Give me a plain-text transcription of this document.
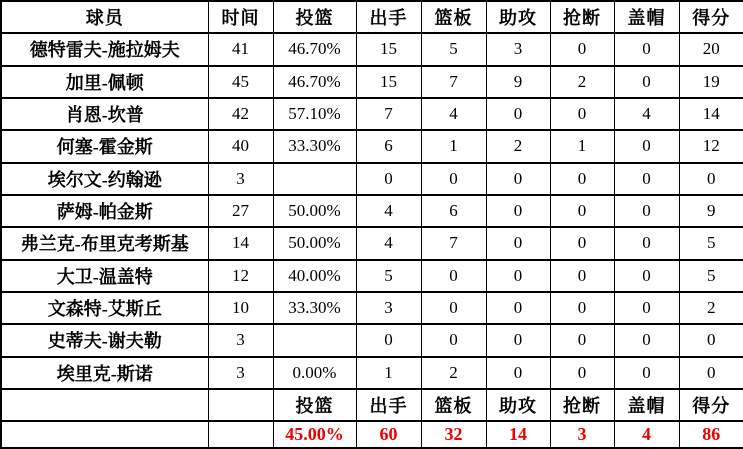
球员	时间	投篮	出手	篮板	助攻	抢断	盖帽	得分
德特雷夫-施拉姆夫	41	46.70%	15	5	3	0	0	20
加里-佩顿	45	46.70%	15	7	9	2	0	19
肖恩-坎普	42	57.10%	7	4	0	0	4	14
何塞-霍金斯	40	33.30%	6	1	2	1	0	12
埃尔文-约翰逊	3		0	0	0	0	0	0
萨姆-帕金斯	27	50.00%	4	6	0	0	0	9
弗兰克-布里克考斯基	14	50.00%	4	7	0	0	0	5
大卫-温盖特	12	40.00%	5	0	0	0	0	5
文森特-艾斯丘	10	33.30%	3	0	0	0	0	2
史蒂夫-谢夫勒	3		0	0	0	0	0	0
埃里克-斯诺	3	0.00%	1	2	0	0	0	0
		投篮	出手	篮板	助攻	抢断	盖帽	得分
		45.00%	60	32	14	3	4	86
